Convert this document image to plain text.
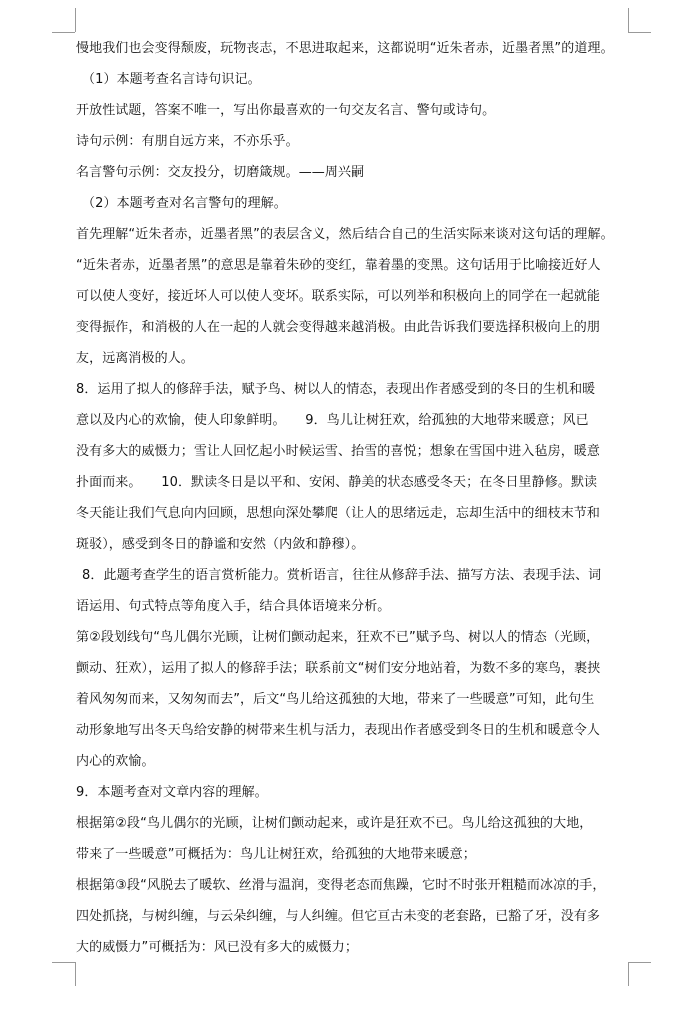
慢地我们也会变得颓废，玩物丧志，不思进取起来，这都说明“近朱者赤，近墨者黑”的道理。
（1）本题考查名言诗句识记。
开放性试题，答案不唯一，写出你最喜欢的一句交友名言、警句或诗句。
诗句示例：有朋自远方来，不亦乐乎。
名言警句示例：交友投分，切磨箴规。——周兴嗣
（2）本题考查对名言警句的理解。
首先理解“近朱者赤，近墨者黑”的表层含义，然后结合自己的生活实际来谈对这句话的理解。
“近朱者赤，近墨者黑”的意思是靠着朱砂的变红，靠着墨的变黑。这句话用于比喻接近好人
可以使人变好，接近坏人可以使人变坏。联系实际，可以列举和积极向上的同学在一起就能
变得振作，和消极的人在一起的人就会变得越来越消极。由此告诉我们要选择积极向上的朋
友，远离消极的人。
8．运用了拟人的修辞手法，赋予鸟、树以人的情态，表现出作者感受到的冬日的生机和暖
意以及内心的欢愉，使人印象鲜明。　　9．鸟儿让树狂欢，给孤独的大地带来暖意；风已
没有多大的威慑力；雪让人回忆起小时候运雪、抬雪的喜悦；想象在雪国中进入毡房，暖意
扑面而来。　　10．默读冬日是以平和、安闲、静美的状态感受冬天；在冬日里静修。默读
冬天能让我们气息向内回顾，思想向深处攀爬（让人的思绪远走，忘却生活中的细枝末节和
斑驳），感受到冬日的静谧和安然（内敛和静穆）。
8．此题考查学生的语言赏析能力。赏析语言，往往从修辞手法、描写方法、表现手法、词
语运用、句式特点等角度入手，结合具体语境来分析。
第②段划线句“鸟儿偶尔光顾，让树们颤动起来，狂欢不已”赋予鸟、树以人的情态（光顾，
颤动、狂欢），运用了拟人的修辞手法；联系前文“树们安分地站着，为数不多的寒鸟，裹挟
着风匆匆而来，又匆匆而去”，后文“鸟儿给这孤独的大地，带来了一些暖意”可知，此句生
动形象地写出冬天鸟给安静的树带来生机与活力，表现出作者感受到冬日的生机和暖意令人
内心的欢愉。
9．本题考查对文章内容的理解。
根据第②段“鸟儿偶尔的光顾，让树们颤动起来，或许是狂欢不已。鸟儿给这孤独的大地，
带来了一些暖意”可概括为：鸟儿让树狂欢，给孤独的大地带来暖意；
根据第③段“风脱去了暖软、丝滑与温润，变得老态而焦躁，它时不时张开粗糙而冰凉的手，
四处抓挠，与树纠缠，与云朵纠缠，与人纠缠。但它亘古未变的老套路，已豁了牙，没有多
大的威慑力”可概括为：风已没有多大的威慑力；
